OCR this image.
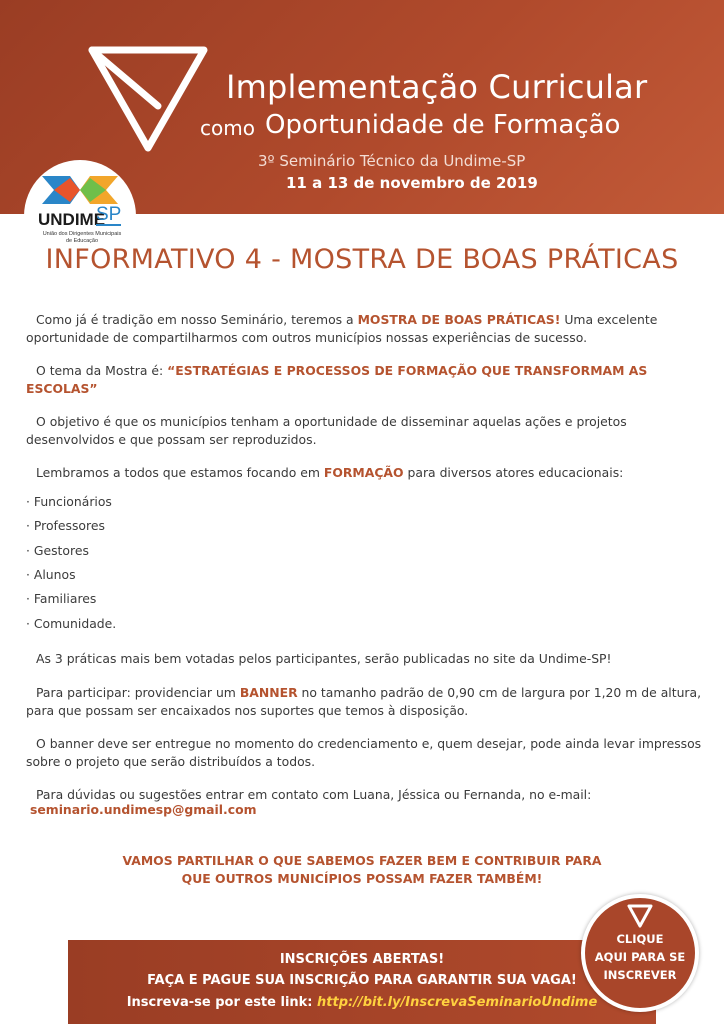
Implementação Curricular
como Oportunidade de Formação
3º Seminário Técnico da Undime-SP
11 a 13 de novembro de 2019
UNDIME
SP
União dos Dirigentes Municipais de Educação
INFORMATIVO 4 - MOSTRA DE BOAS PRÁTICAS

Como já é tradição em nosso Seminário, teremos a MOSTRA DE BOAS PRÁTICAS! Uma excelente oportunidade de compartilharmos com outros municípios nossas experiências de sucesso.

O tema da Mostra é: “ESTRATÉGIAS E PROCESSOS DE FORMAÇÃO QUE TRANSFORMAM AS ESCOLAS”

O objetivo é que os municípios tenham a oportunidade de disseminar aquelas ações e projetos desenvolvidos e que possam ser reproduzidos.

Lembramos a todos que estamos focando em FORMAÇÃO para diversos atores educacionais:

· Funcionários
· Professores
· Gestores
· Alunos
· Familiares
· Comunidade.

As 3 práticas mais bem votadas pelos participantes, serão publicadas no site da Undime-SP!

Para participar: providenciar um BANNER no tamanho padrão de 0,90 cm de largura por 1,20 m de altura, para que possam ser encaixados nos suportes que temos à disposição.

O banner deve ser entregue no momento do credenciamento e, quem desejar, pode ainda levar impressos sobre o projeto que serão distribuídos a todos.

Para dúvidas ou sugestões entrar em contato com Luana, Jéssica ou Fernanda, no e-mail:

seminario.undimesp@gmail.com
VAMOS PARTILHAR O QUE SABEMOS FAZER BEM E CONTRIBUIR PARA QUE OUTROS MUNICÍPIOS POSSAM FAZER TAMBÉM!
INSCRIÇÕES ABERTAS!
FAÇA E PAGUE SUA INSCRIÇÃO PARA GARANTIR SUA VAGA!
Inscreva-se por este link: http://bit.ly/InscrevaSeminarioUndime
CLIQUE
AQUI PARA SE
INSCREVER
